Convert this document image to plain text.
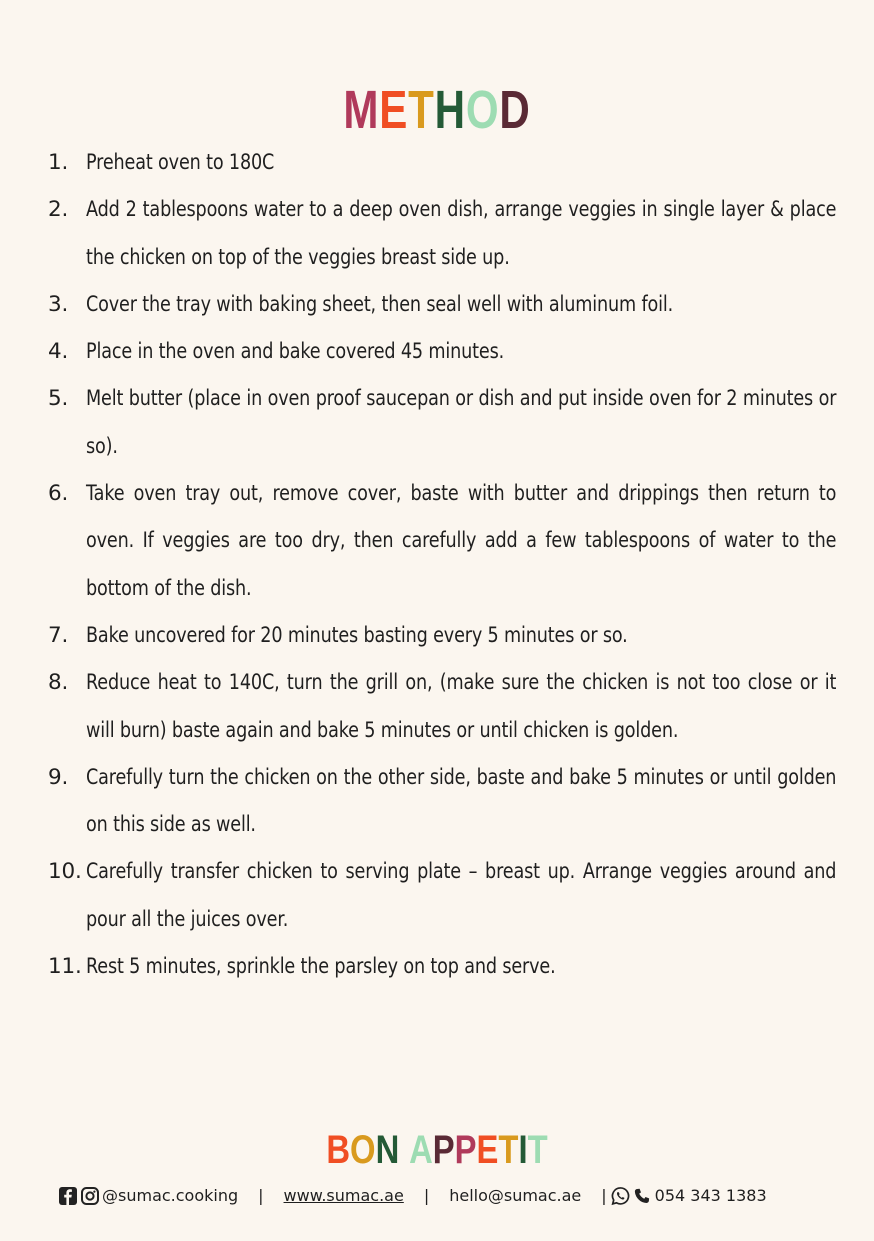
METHOD
1. Preheat oven to 180C
2. Add 2 tablespoons water to a deep oven dish, arrange veggies in single layer & place the chicken on top of the veggies breast side up.
3. Cover the tray with baking sheet, then seal well with aluminum foil.
4. Place in the oven and bake covered 45 minutes.
5. Melt butter (place in oven proof saucepan or dish and put inside oven for 2 minutes or so).
6. Take oven tray out, remove cover, baste with butter and drippings then return to oven. If veggies are too dry, then carefully add a few tablespoons of water to the bottom of the dish.
7. Bake uncovered for 20 minutes basting every 5 minutes or so.
8. Reduce heat to 140C, turn the grill on, (make sure the chicken is not too close or it will burn) baste again and bake 5 minutes or until chicken is golden.
9. Carefully turn the chicken on the other side, baste and bake 5 minutes or until golden on this side as well.
10. Carefully transfer chicken to serving plate – breast up. Arrange veggies around and pour all the juices over.
11. Rest 5 minutes, sprinkle the parsley on top and serve.
BON APPETIT
@sumac.cooking | www.sumac.ae | hello@sumac.ae |	054 343 1383
